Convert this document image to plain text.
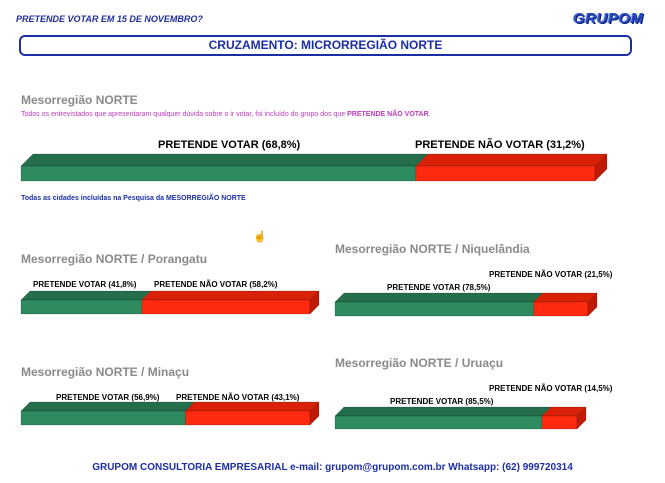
PRETENDE VOTAR EM 15 DE NOVEMBRO?	GRUPOM
CRUZAMENTO: MICRORREGIÃO NORTE
Mesorregião NORTE
Todos os entrevistados que apresentaram qualquer dúvida sobre o ir votar, foi incluído do grupo dos que PRETENDE NÃO VOTAR.
Todas as cidades incluídas na Pesquisa da MESORREGIÃO NORTE
☝
Mesorregião NORTE / Porangatu
Mesorregião NORTE / Niquelândia
Mesorregião NORTE / Minaçu
Mesorregião NORTE / Uruaçu
GRUPOM CONSULTORIA EMPRESARIAL e-mail: grupom@grupom.com.br Whatsapp: (62) 999720314
PRETENDE VOTAR (68,8%)	PRETENDE NÃO VOTAR (31,2%)
PRETENDE VOTAR (41,8%) PRETENDE NÃO VOTAR (58,2%)	PRETENDE VOTAR (78,5%)
PRETENDE NÃO VOTAR (21,5%)
PRETENDE VOTAR (56,9%) PRETENDE NÃO VOTAR (43,1%)	PRETENDE VOTAR (85,5%)
PRETENDE NÃO VOTAR (14,5%)
